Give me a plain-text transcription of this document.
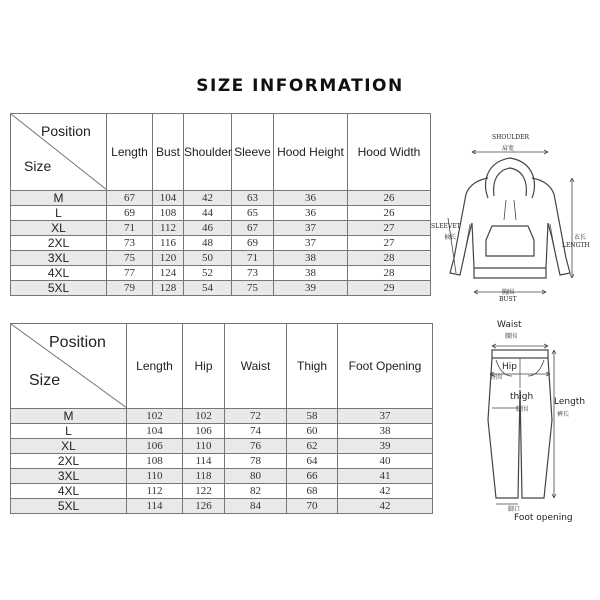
SIZE INFORMATION
Position
Size	Length	Bust	Shoulder	Sleeve	Hood Height	Hood Width
M	67	104	42	63	36	26
L	69	108	44	65	36	26
XL	71	112	46	67	37	27
2XL	73	116	48	69	37	27
3XL	75	120	50	71	38	28
4XL	77	124	52	73	38	28
5XL	79	128	54	75	39	29
SHOULDER
肩宽
SLEEVET
袖长	衣长
LENGTH
胸围
BUST
Position
Size	Length	Hip	Waist	Thigh	Foot Opening
M	102	102	72	58	37
L	104	106	74	60	38
XL	106	110	76	62	39
2XL	108	114	78	64	40
3XL	110	118	80	66	41
4XL	112	122	82	68	42
5XL	114	126	84	70	42
Waist
腰围
Hip
臀围
thigh
腿围
Length
裤长
脚口
Foot opening
